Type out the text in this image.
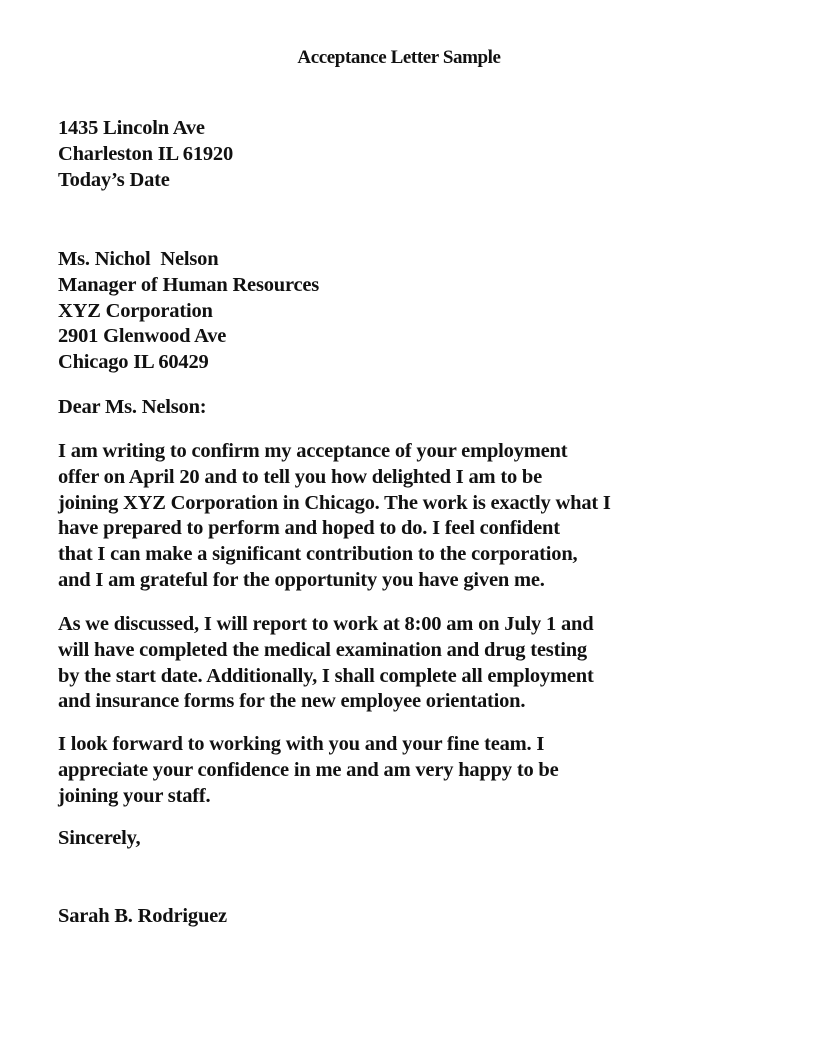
Acceptance Letter Sample
1435 Lincoln Ave
Charleston IL 61920
Today’s Date
Ms. Nichol  Nelson
Manager of Human Resources
XYZ Corporation
2901 Glenwood Ave
Chicago IL 60429
Dear Ms. Nelson:
I am writing to confirm my acceptance of your employment
offer on April 20 and to tell you how delighted I am to be
joining XYZ Corporation in Chicago. The work is exactly what I
have prepared to perform and hoped to do. I feel confident
that I can make a significant contribution to the corporation,
and I am grateful for the opportunity you have given me.
As we discussed, I will report to work at 8:00 am on July 1 and
will have completed the medical examination and drug testing
by the start date. Additionally, I shall complete all employment
and insurance forms for the new employee orientation.
I look forward to working with you and your fine team. I
appreciate your confidence in me and am very happy to be
joining your staff.
Sincerely,
Sarah B. Rodriguez
